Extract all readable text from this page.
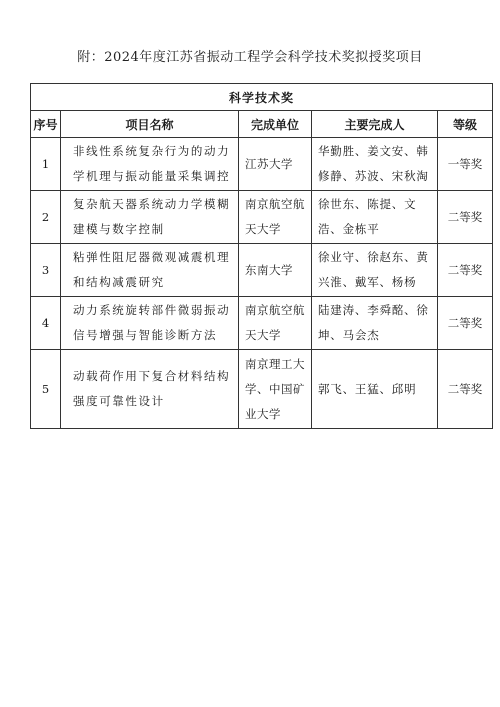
附：2024年度江苏省振动工程学会科学技术奖拟授奖项目
科学技术奖				
序号	项目名称	完成单位	主要完成人	等级

1	非线性系统复杂行为的动力学机理与振动能量采集调控	江苏大学	华勤胜、姜文安、韩修静、苏波、宋秋淘	一等奖

2	复杂航天器系统动力学模糊建模与数字控制	南京航空航天大学	徐世东、陈提、文浩、金栋平	二等奖

3	粘弹性阻尼器微观减震机理和结构减震研究	东南大学	徐业守、徐赵东、黄兴淮、戴军、杨杨	二等奖

4	动力系统旋转部件微弱振动信号增强与智能诊断方法	南京航空航天大学	陆建涛、李舜酩、徐坤、马会杰	二等奖

5	动载荷作用下复合材料结构强度可靠性设计	南京理工大学、中国矿业大学	郭飞、王猛、邱明	二等奖
